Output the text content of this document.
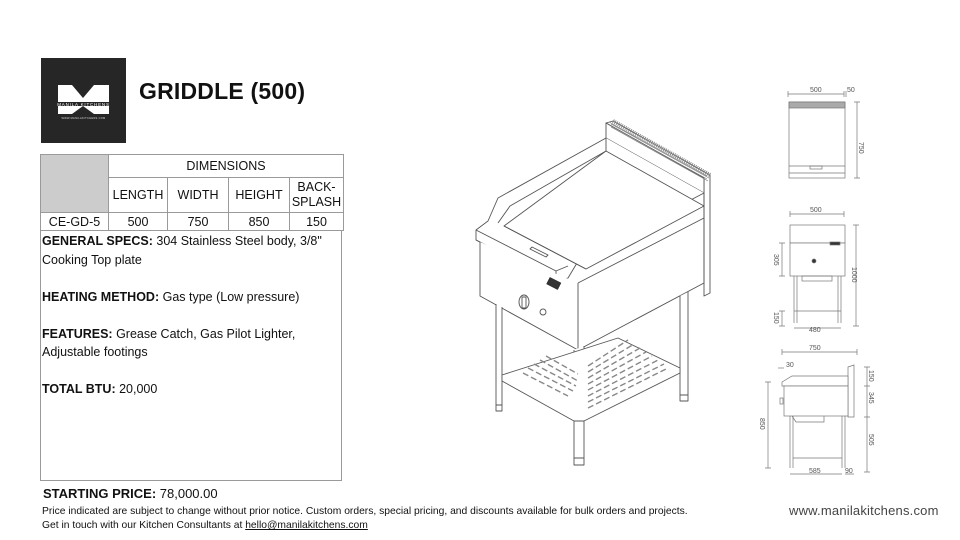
MANILA KITCHENS
WWW.MANILAKITCHENS.COM
GRIDDLE (500)
	DIMENSIONS			
	LENGTH	WIDTH	HEIGHT	BACK-
SPLASH
CE-GD-5	500	750	850	150

GENERAL SPECS: 304 Stainless Steel body, 3/8" Cooking Top plate

HEATING METHOD: Gas type (Low pressure)

FEATURES: Grease Catch, Gas Pilot Lighter, Adjustable footings

TOTAL BTU: 20,000

STARTING PRICE: 78,000.00
Price indicated are subject to change without prior notice. Custom orders, special pricing, and discounts available for bulk orders and projects.
Get in touch with our Kitchen Consultants at hello@manilakitchens.com
www.manilakitchens.com
500	50
750
500
305
1000
150
480
750
30
150
345
505
850
585	90
